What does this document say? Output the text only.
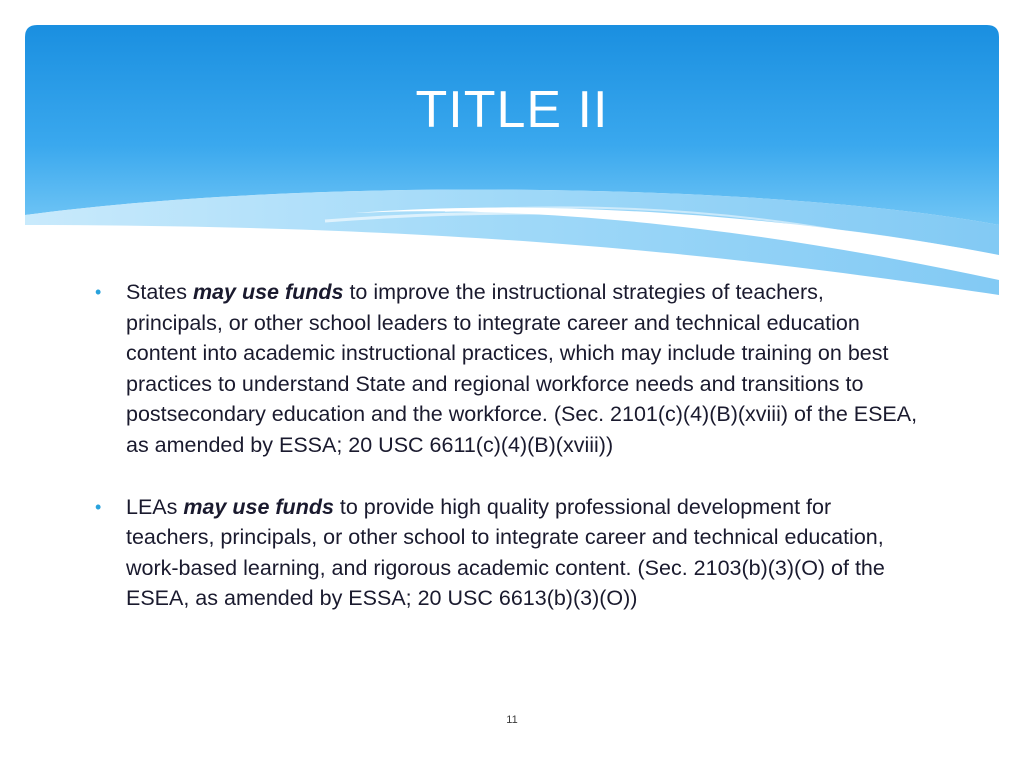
TITLE II
• States may use funds to improve the instructional strategies of teachers, principals, or other school leaders to integrate career and technical education content into academic instructional practices, which may include training on best practices to understand State and regional workforce needs and transitions to postsecondary education and the workforce. (Sec. 2101(c)(4)(B)(xviii) of the ESEA, as amended by ESSA; 20 USC 6611(c)(4)(B)(xviii))
• LEAs may use funds to provide high quality professional development for teachers, principals, or other school to integrate career and technical education, work-based learning, and rigorous academic content. (Sec. 2103(b)(3)(O) of the ESEA, as amended by ESSA; 20 USC 6613(b)(3)(O))
11
